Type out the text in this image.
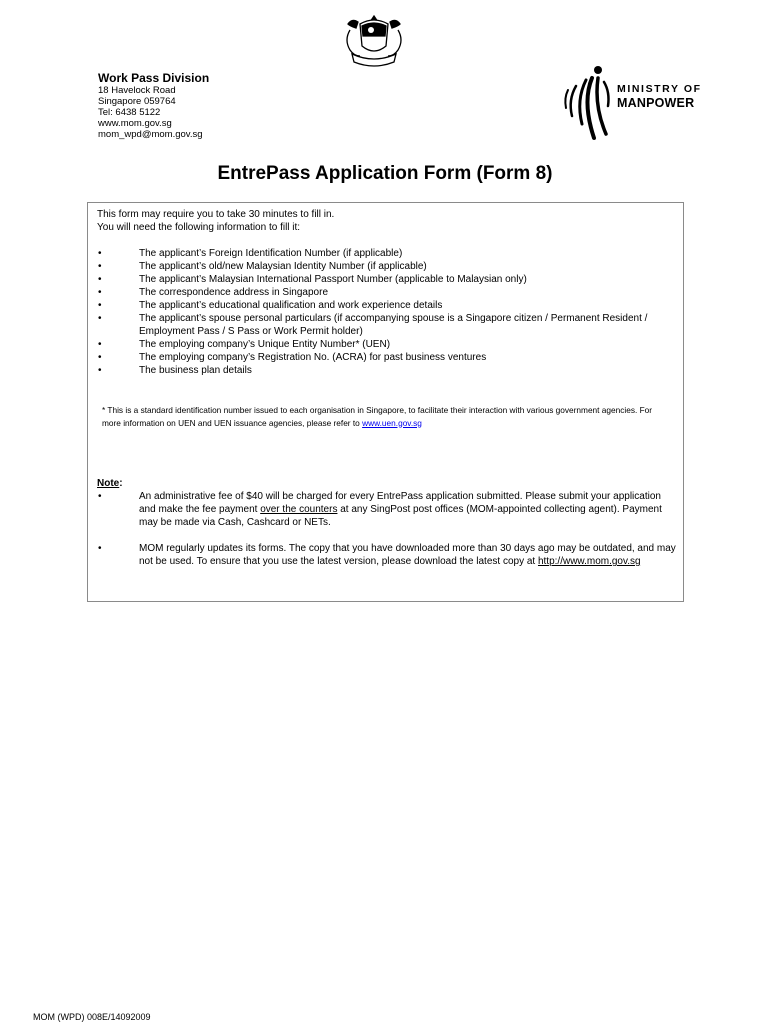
Work Pass Division
18 Havelock Road
Singapore 059764
Tel: 6438 5122
www.mom.gov.sg
mom_wpd@mom.gov.sg
MINISTRY OF
MANPOWER
EntrePass Application Form (Form 8)
This form may require you to take 30 minutes to fill in.
You will need the following information to fill it:
•	The applicant’s Foreign Identification Number (if applicable)
•	The applicant’s old/new Malaysian Identity Number (if applicable)
•	The applicant’s Malaysian International Passport Number (applicable to Malaysian only)
•	The correspondence address in Singapore
•	The applicant’s educational qualification and work experience details
•	The applicant’s spouse personal particulars (if accompanying spouse is a Singapore citizen / Permanent Resident / Employment Pass / S Pass or Work Permit holder)
•	The employing company’s Unique Entity Number* (UEN)
•	The employing company’s Registration No. (ACRA) for past business ventures
•	The business plan details
* This is a standard identification number issued to each organisation in Singapore, to facilitate their interaction with various government agencies. For more information on UEN and UEN issuance agencies, please refer to www.uen.gov.sg
Note:
•	An administrative fee of $40 will be charged for every EntrePass application submitted. Please submit your application and make the fee payment over the counters at any SingPost post offices (MOM-appointed collecting agent). Payment may be made via Cash, Cashcard or NETs.
•	MOM regularly updates its forms. The copy that you have downloaded more than 30 days ago may be outdated, and may not be used. To ensure that you use the latest version, please download the latest copy at http://www.mom.gov.sg
MOM (WPD) 008E/14092009
